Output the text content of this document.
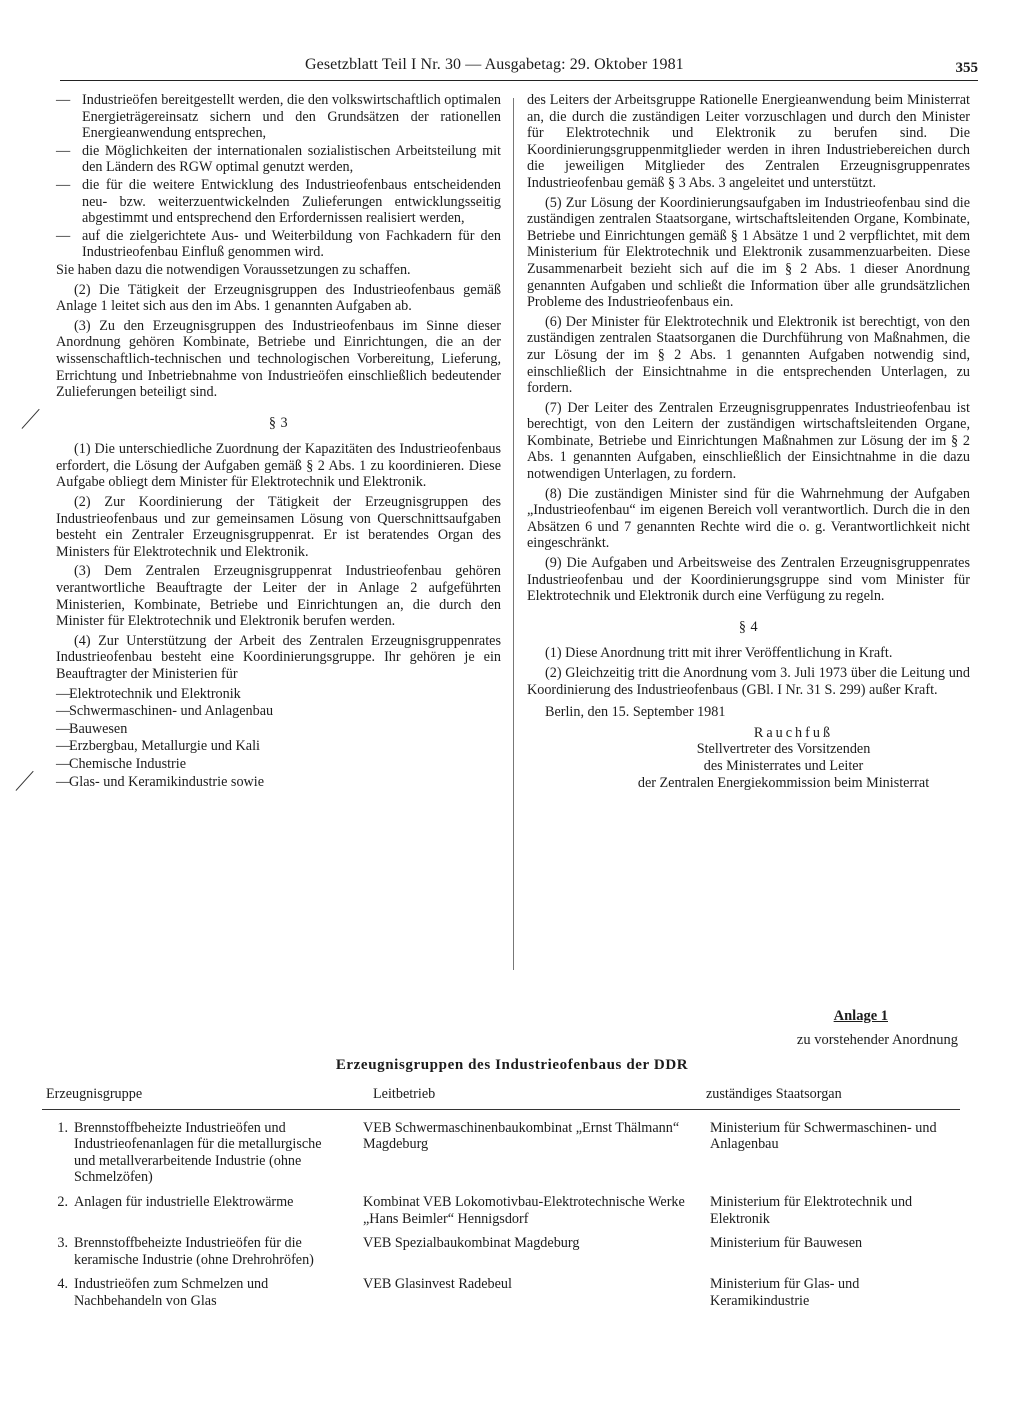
Gesetzblatt Teil I Nr. 30 — Ausgabetag: 29. Oktober 1981	355
— Industrieöfen bereitgestellt werden, die den volkswirtschaftlich optimalen Energieträgereinsatz sichern und den Grundsätzen der rationellen Energieanwendung entsprechen,
— die Möglichkeiten der internationalen sozialistischen Arbeitsteilung mit den Ländern des RGW optimal genutzt werden,
— die für die weitere Entwicklung des Industrieofenbaus entscheidenden neu- bzw. weiterzuentwickelnden Zulieferungen entwicklungsseitig abgestimmt und entsprechend den Erfordernissen realisiert werden,
— auf die zielgerichtete Aus- und Weiterbildung von Fachkadern für den Industrieofenbau Einfluß genommen wird.

Sie haben dazu die notwendigen Voraussetzungen zu schaffen.

(2) Die Tätigkeit der Erzeugnisgruppen des Industrieofenbaus gemäß Anlage 1 leitet sich aus den im Abs. 1 genannten Aufgaben ab.

(3) Zu den Erzeugnisgruppen des Industrieofenbaus im Sinne dieser Anordnung gehören Kombinate, Betriebe und Einrichtungen, die an der wissenschaftlich-technischen und technologischen Vorbereitung, Lieferung, Errichtung und Inbetriebnahme von Industrieöfen einschließlich bedeutender Zulieferungen beteiligt sind.

§ 3

(1) Die unterschiedliche Zuordnung der Kapazitäten des Industrieofenbaus erfordert, die Lösung der Aufgaben gemäß § 2 Abs. 1 zu koordinieren. Diese Aufgabe obliegt dem Minister für Elektrotechnik und Elektronik.

(2) Zur Koordinierung der Tätigkeit der Erzeugnisgruppen des Industrieofenbaus und zur gemeinsamen Lösung von Querschnittsaufgaben besteht ein Zentraler Erzeugnisgruppenrat. Er ist beratendes Organ des Ministers für Elektrotechnik und Elektronik.

(3) Dem Zentralen Erzeugnisgruppenrat Industrieofenbau gehören verantwortliche Beauftragte der Leiter der in Anlage 2 aufgeführten Ministerien, Kombinate, Betriebe und Einrichtungen an, die durch den Minister für Elektrotechnik und Elektronik berufen werden.

(4) Zur Unterstützung der Arbeit des Zentralen Erzeugnisgruppenrates Industrieofenbau besteht eine Koordinierungsgruppe. Ihr gehören je ein Beauftragter der Ministerien für

— Elektrotechnik und Elektronik
— Schwermaschinen- und Anlagenbau
— Bauwesen
— Erzbergbau, Metallurgie und Kali
— Chemische Industrie
— Glas- und Keramikindustrie sowie

des Leiters der Arbeitsgruppe Rationelle Energieanwendung beim Ministerrat an, die durch die zuständigen Leiter vorzuschlagen und durch den Minister für Elektrotechnik und Elektronik zu berufen sind. Die Koordinierungsgruppenmitglieder werden in ihren Industriebereichen durch die jeweiligen Mitglieder des Zentralen Erzeugnisgruppenrates Industrieofenbau gemäß § 3 Abs. 3 angeleitet und unterstützt.

(5) Zur Lösung der Koordinierungsaufgaben im Industrieofenbau sind die zuständigen zentralen Staatsorgane, wirtschaftsleitenden Organe, Kombinate, Betriebe und Einrichtungen gemäß § 1 Absätze 1 und 2 verpflichtet, mit dem Ministerium für Elektrotechnik und Elektronik zusammenzuarbeiten. Diese Zusammenarbeit bezieht sich auf die im § 2 Abs. 1 dieser Anordnung genannten Aufgaben und schließt die Information über alle grundsätzlichen Probleme des Industrieofenbaus ein.

(6) Der Minister für Elektrotechnik und Elektronik ist berechtigt, von den zuständigen zentralen Staatsorganen die Durchführung von Maßnahmen, die zur Lösung der im § 2 Abs. 1 genannten Aufgaben notwendig sind, einschließlich der Einsichtnahme in die entsprechenden Unterlagen, zu fordern.

(7) Der Leiter des Zentralen Erzeugnisgruppenrates Industrieofenbau ist berechtigt, von den Leitern der zuständigen wirtschaftsleitenden Organe, Kombinate, Betriebe und Einrichtungen Maßnahmen zur Lösung der im § 2 Abs. 1 genannten Aufgaben, einschließlich der Einsichtnahme in die dazu notwendigen Unterlagen, zu fordern.

(8) Die zuständigen Minister sind für die Wahrnehmung der Aufgaben „Industrieofenbau“ im eigenen Bereich voll verantwortlich. Durch die in den Absätzen 6 und 7 genannten Rechte wird die o. g. Verantwortlichkeit nicht eingeschränkt.

(9) Die Aufgaben und Arbeitsweise des Zentralen Erzeugnisgruppenrates Industrieofenbau und der Koordinierungsgruppe sind vom Minister für Elektrotechnik und Elektronik durch eine Verfügung zu regeln.

§ 4

(1) Diese Anordnung tritt mit ihrer Veröffentlichung in Kraft.

(2) Gleichzeitig tritt die Anordnung vom 3. Juli 1973 über die Leitung und Koordinierung des Industrieofenbaus (GBl. I Nr. 31 S. 299) außer Kraft.

Berlin, den 15. September 1981

Rauchfuß
Stellvertreter des Vorsitzenden
des Ministerrates und Leiter
der Zentralen Energiekommission beim Ministerrat
Anlage 1
zu vorstehender Anordnung
Erzeugnisgruppen des Industrieofenbaus der DDR
Erzeugnisgruppe	Leitbetrieb	zuständiges Staatsorgan
1. Brennstoffbeheizte Industrieöfen und Industrieofenanlagen für die metallurgische und metallverarbeitende Industrie (ohne Schmelzöfen)	VEB Schwermaschinenbaukombinat „Ernst Thälmann“ Magdeburg	Ministerium für Schwermaschinen- und Anlagenbau
2. Anlagen für industrielle Elektrowärme	Kombinat VEB Lokomotivbau-Elektrotechnische Werke „Hans Beimler“ Hennigsdorf	Ministerium für Elektrotechnik und Elektronik
3. Brennstoffbeheizte Industrieöfen für die keramische Industrie (ohne Drehrohröfen)	VEB Spezialbaukombinat Magdeburg	Ministerium für Bauwesen
4. Industrieöfen zum Schmelzen und Nachbehandeln von Glas	VEB Glasinvest Radebeul	Ministerium für Glas- und Keramikindustrie
